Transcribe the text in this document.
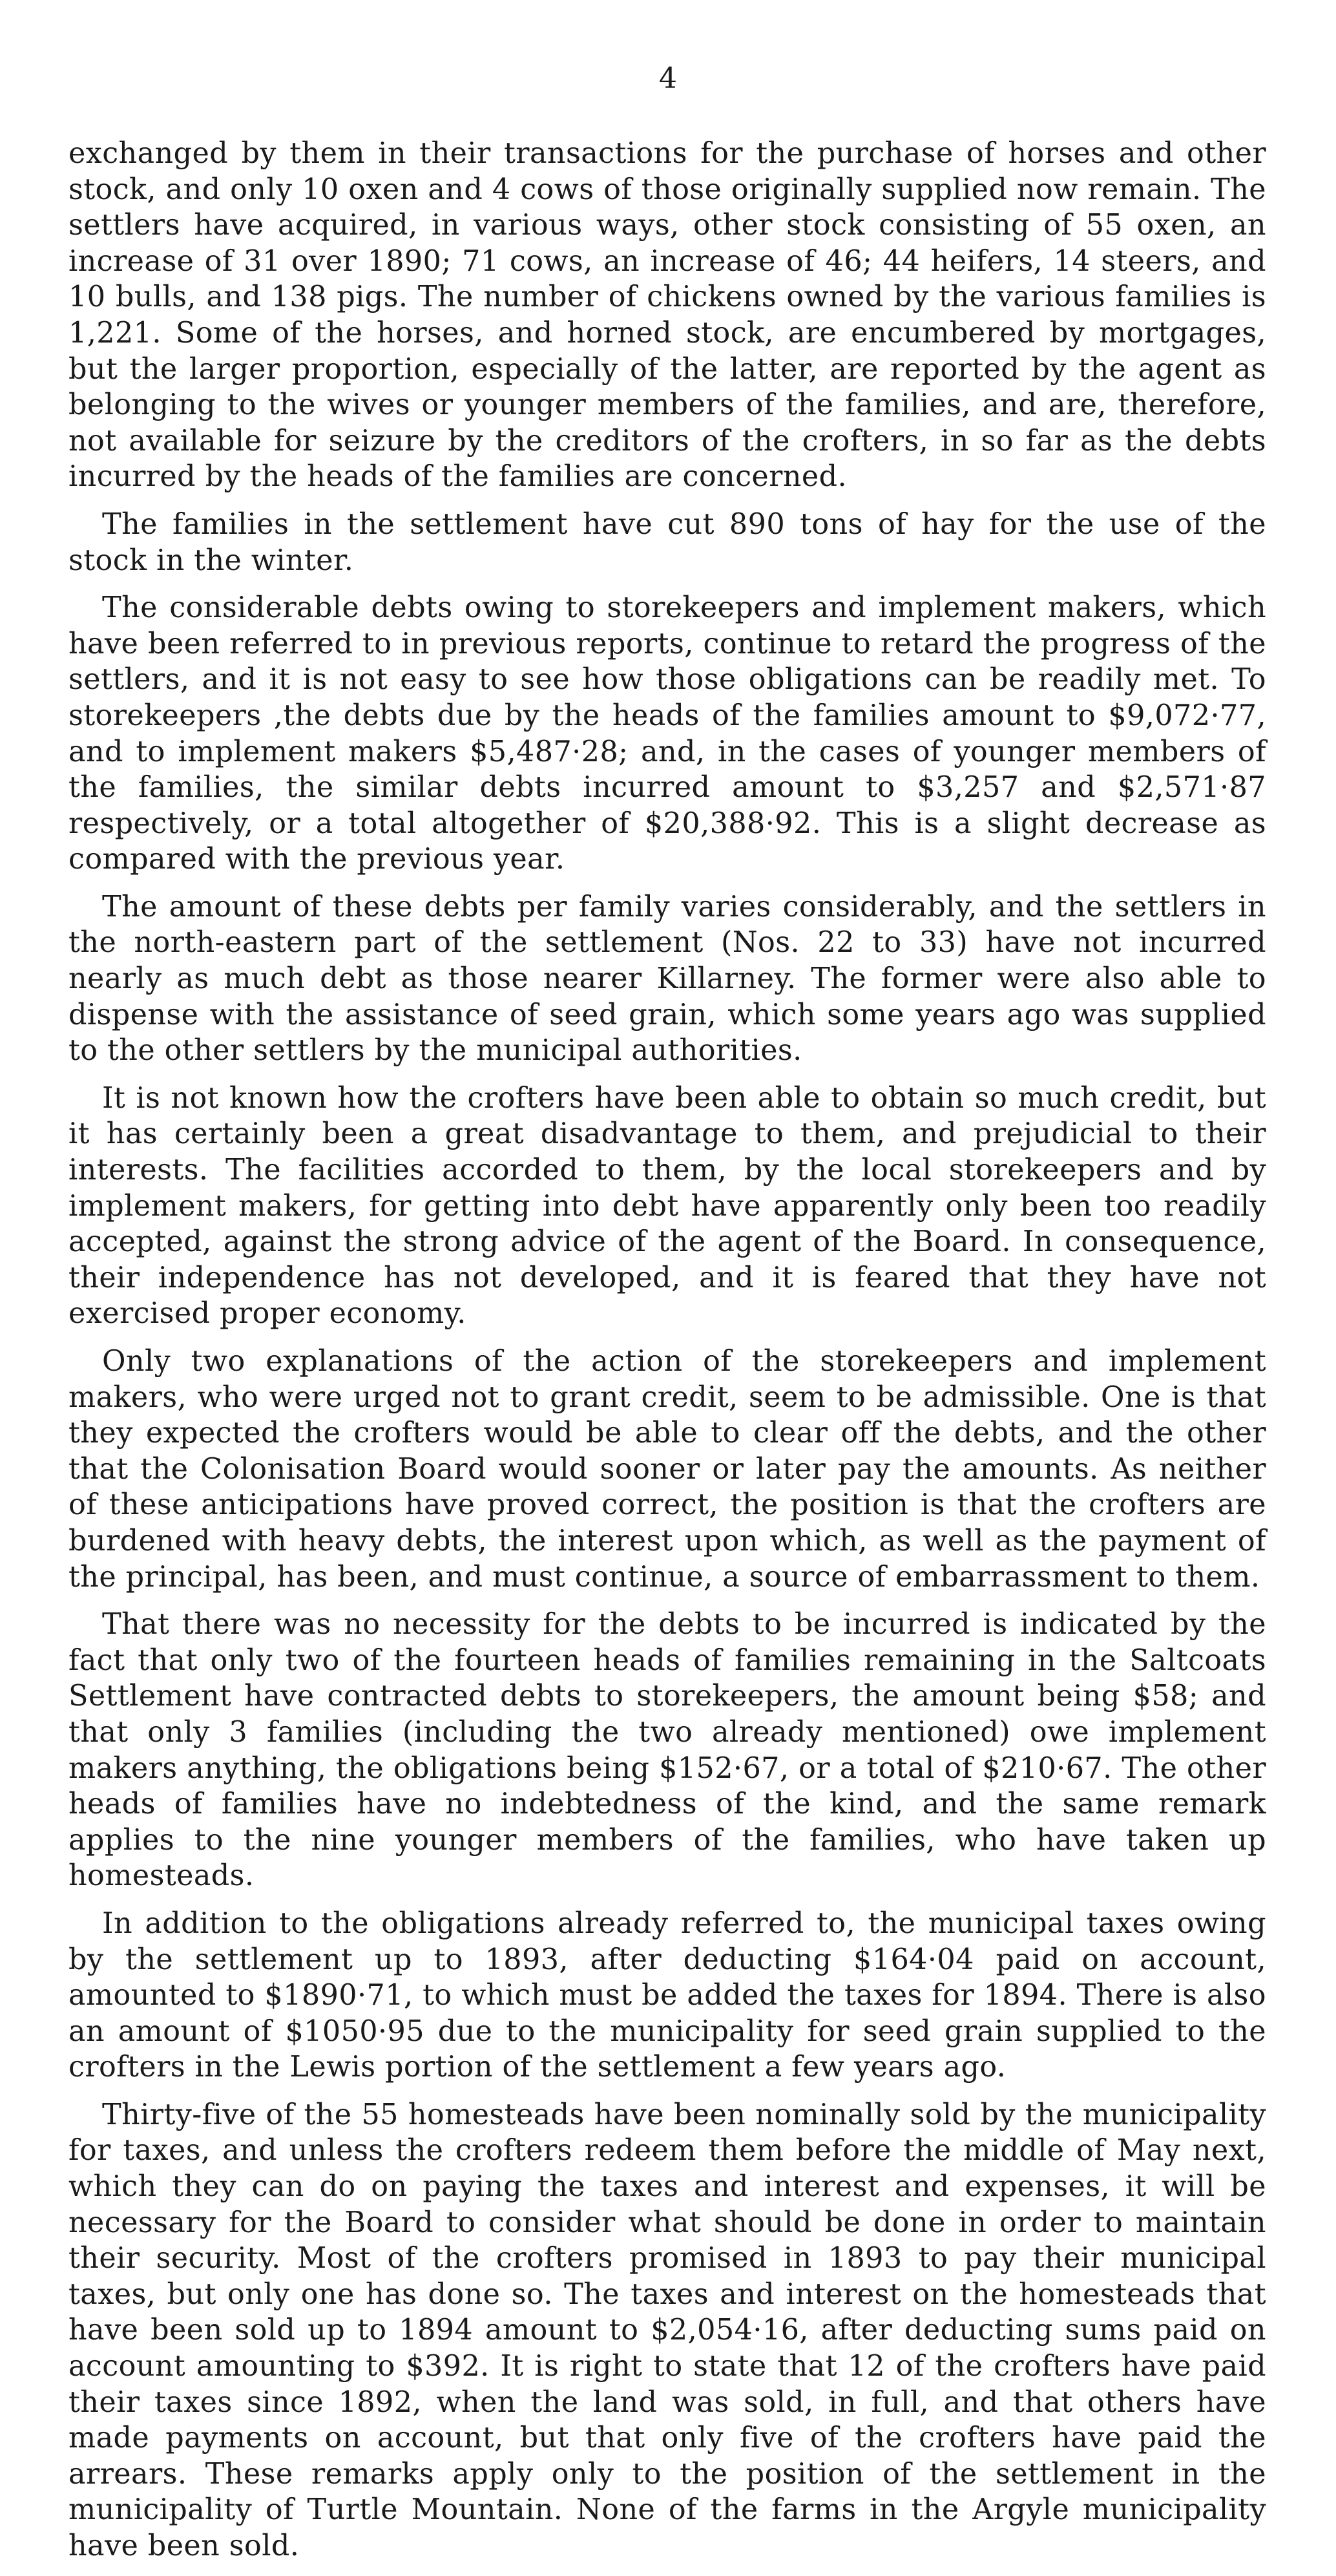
4

exchanged by them in their transactions for the purchase of horses and other stock, and only 10 oxen and 4 cows of those originally supplied now remain. The settlers have acquired, in various ways, other stock consisting of 55 oxen, an increase of 31 over 1890; 71 cows, an increase of 46; 44 heifers, 14 steers, and 10 bulls, and 138 pigs. The number of chickens owned by the various families is 1,221. Some of the horses, and horned stock, are encumbered by mortgages, but the larger proportion, especially of the latter, are reported by the agent as belonging to the wives or younger members of the families, and are, therefore, not available for seizure by the creditors of the crofters, in so far as the debts incurred by the heads of the families are concerned.

The families in the settlement have cut 890 tons of hay for the use of the stock in the winter.

The considerable debts owing to storekeepers and implement makers, which have been referred to in previous reports, continue to retard the progress of the settlers, and it is not easy to see how those obligations can be readily met. To storekeepers ,the debts due by the heads of the families amount to $9,072·77, and to implement makers $5,487·28; and, in the cases of younger members of the families, the similar debts incurred amount to $3,257 and $2,571·87 respectively, or a total altogether of $20,388·92. This is a slight decrease as compared with the previous year.

The amount of these debts per family varies considerably, and the settlers in the north-eastern part of the settlement (Nos. 22 to 33) have not incurred nearly as much debt as those nearer Killarney. The former were also able to dispense with the assistance of seed grain, which some years ago was supplied to the other settlers by the municipal authorities.

It is not known how the crofters have been able to obtain so much credit, but it has certainly been a great disadvantage to them, and prejudicial to their interests. The facilities accorded to them, by the local storekeepers and by implement makers, for getting into debt have apparently only been too readily accepted, against the strong advice of the agent of the Board. In consequence, their independence has not developed, and it is feared that they have not exercised proper economy.

Only two explanations of the action of the storekeepers and implement makers, who were urged not to grant credit, seem to be admissible. One is that they expected the crofters would be able to clear off the debts, and the other that the Colonisation Board would sooner or later pay the amounts. As neither of these anticipations have proved correct, the position is that the crofters are burdened with heavy debts, the interest upon which, as well as the payment of the principal, has been, and must continue, a source of embarrassment to them.

That there was no necessity for the debts to be incurred is indicated by the fact that only two of the fourteen heads of families remaining in the Saltcoats Settlement have contracted debts to storekeepers, the amount being $58; and that only 3 families (including the two already mentioned) owe implement makers anything, the obligations being $152·67, or a total of $210·67. The other heads of families have no indebtedness of the kind, and the same remark applies to the nine younger members of the families, who have taken up homesteads.

In addition to the obligations already referred to, the municipal taxes owing by the settlement up to 1893, after deducting $164·04 paid on account, amounted to $1890·71, to which must be added the taxes for 1894. There is also an amount of $1050·95 due to the municipality for seed grain supplied to the crofters in the Lewis portion of the settlement a few years ago.

Thirty-five of the 55 homesteads have been nominally sold by the municipality for taxes, and unless the crofters redeem them before the middle of May next, which they can do on paying the taxes and interest and expenses, it will be necessary for the Board to consider what should be done in order to maintain their security. Most of the crofters promised in 1893 to pay their municipal taxes, but only one has done so. The taxes and interest on the homesteads that have been sold up to 1894 amount to $2,054·16, after deducting sums paid on account amounting to $392. It is right to state that 12 of the crofters have paid their taxes since 1892, when the land was sold, in full, and that others have made payments on account, but that only five of the crofters have paid the arrears. These remarks apply only to the position of the settlement in the municipality of Turtle Mountain. None of the farms in the Argyle municipality have been sold.
